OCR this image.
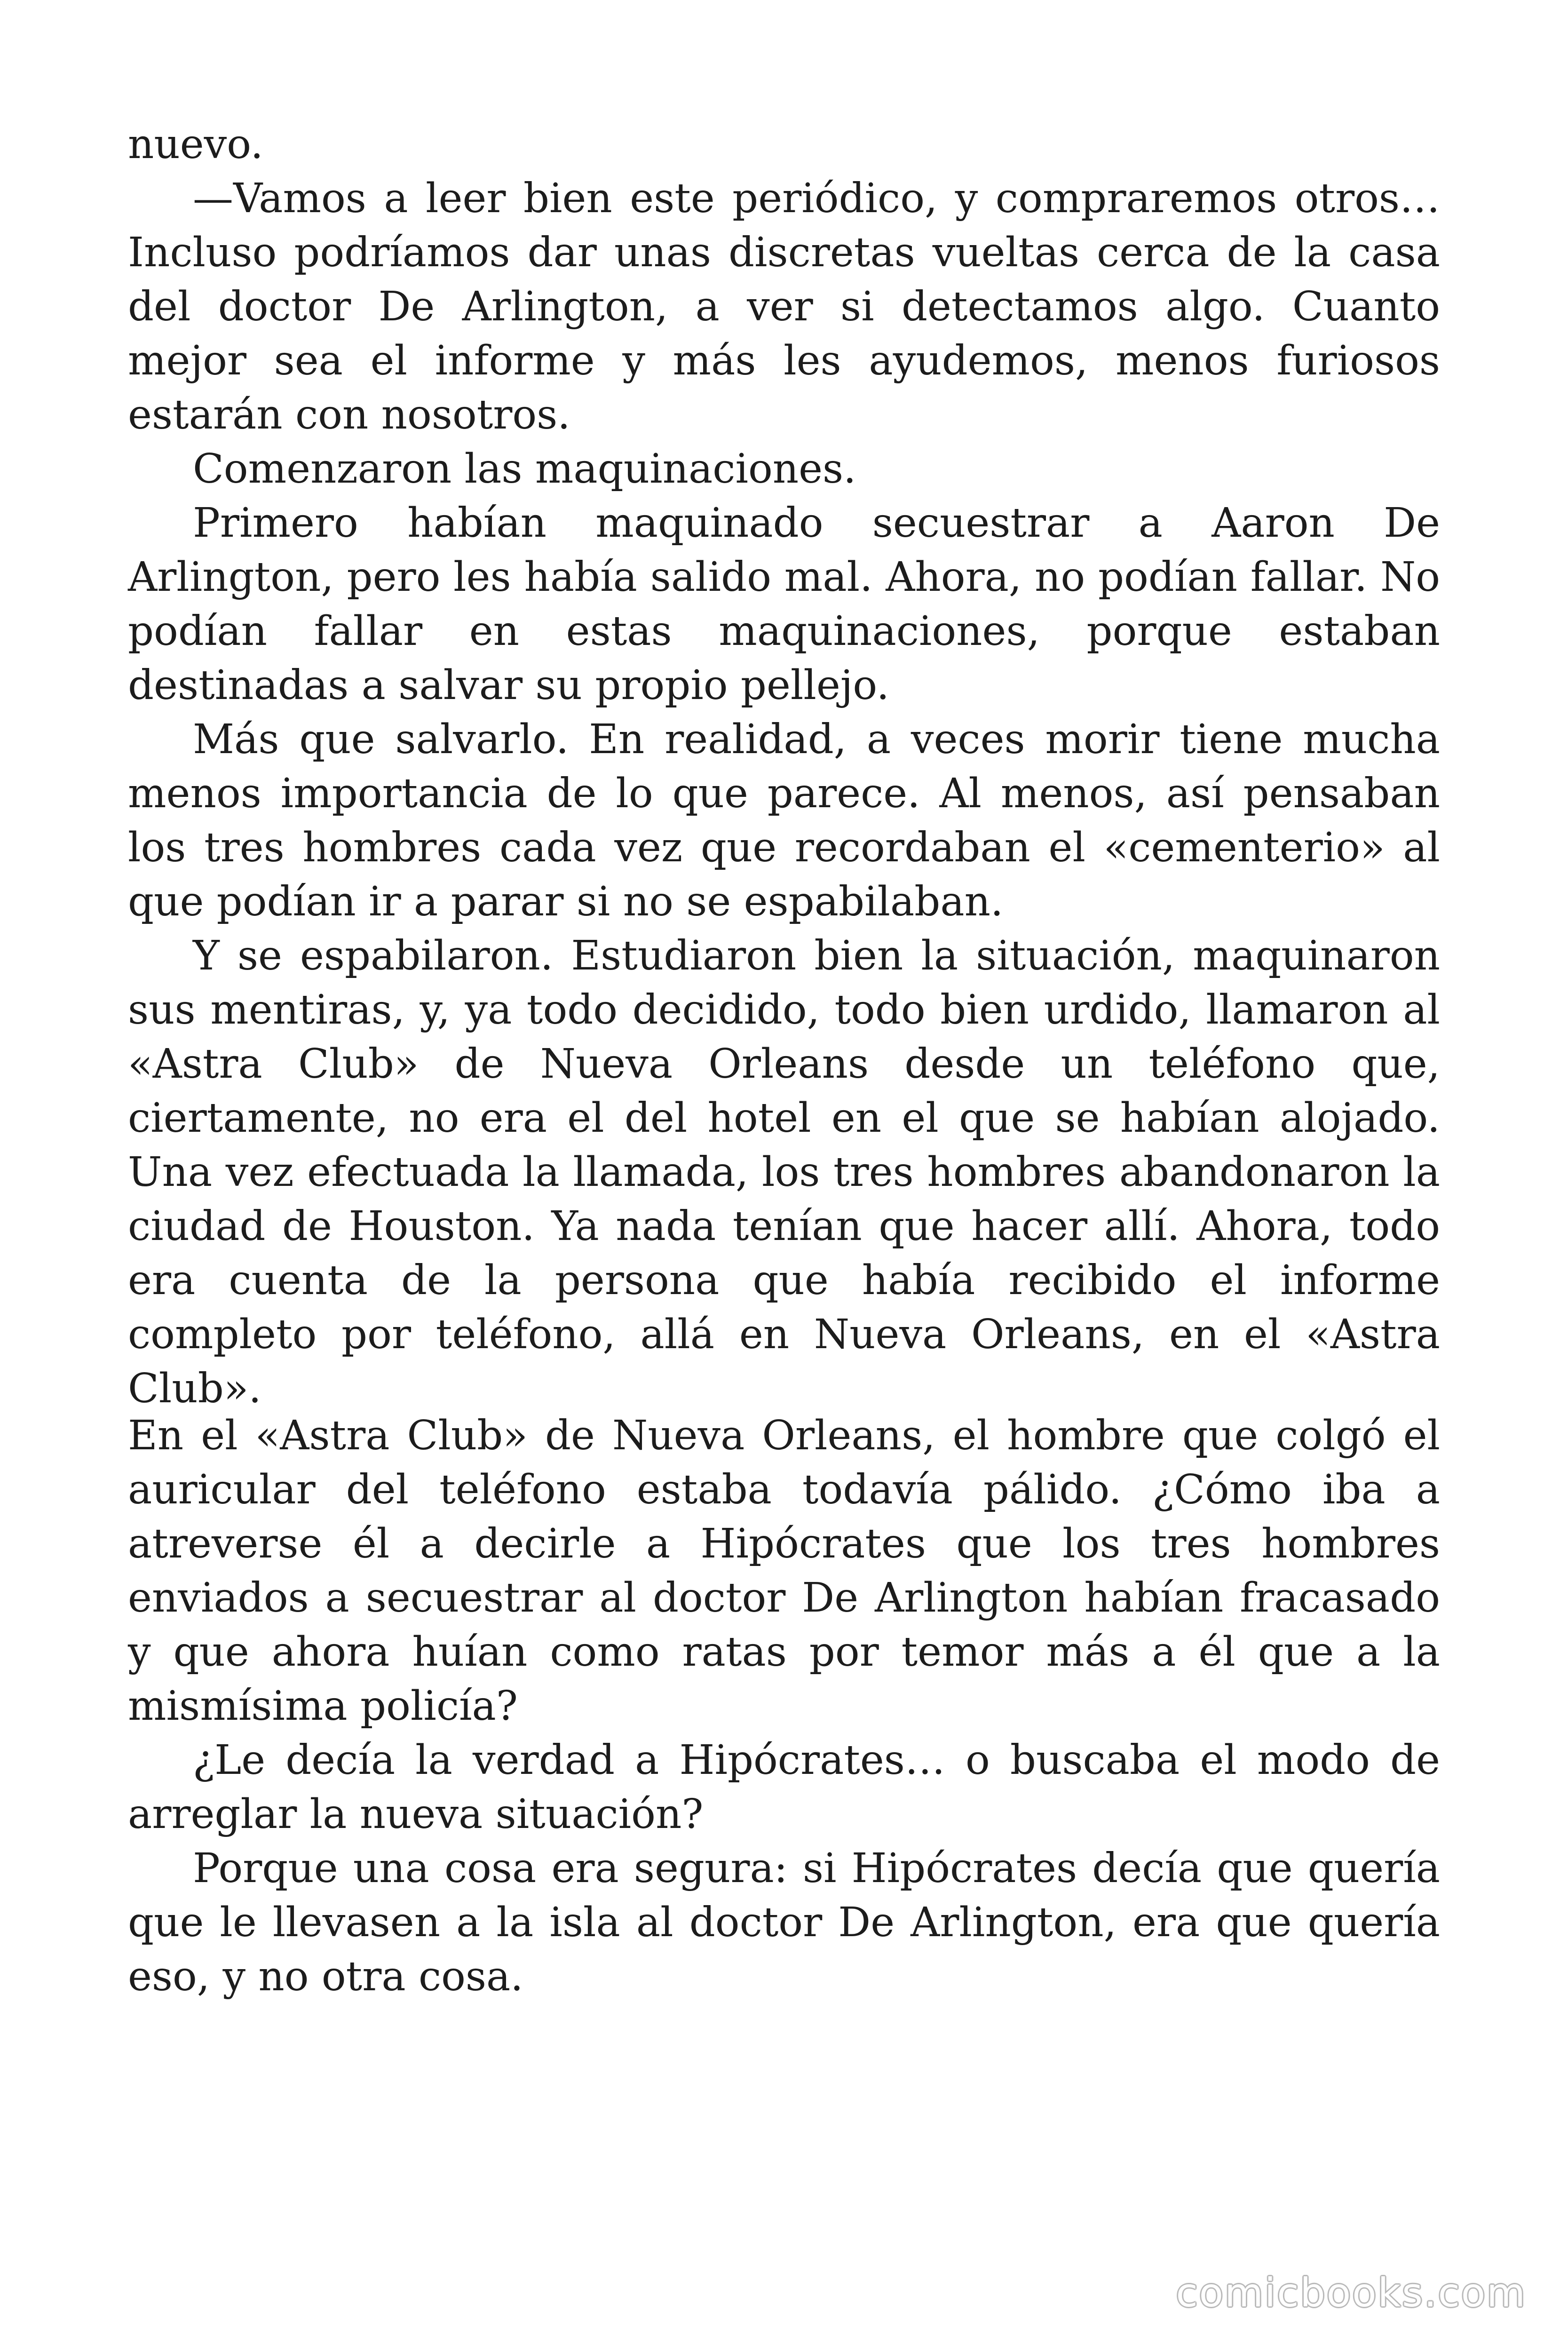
nuevo.

—Vamos a leer bien este periódico, y compraremos otros… Incluso podríamos dar unas discretas vueltas cerca de la casa del doctor De Arlington, a ver si detectamos algo. Cuanto mejor sea el informe y más les ayudemos, menos furiosos estarán con nosotros.

Comenzaron las maquinaciones.

Primero habían maquinado secuestrar a Aaron De Arlington, pero les había salido mal. Ahora, no podían fallar. No podían fallar en estas maquinaciones, porque estaban destinadas a salvar su propio pellejo.

Más que salvarlo. En realidad, a veces morir tiene mucha menos importancia de lo que parece. Al menos, así pensaban los tres hombres cada vez que recordaban el «cementerio» al que podían ir a parar si no se espabilaban.

Y se espabilaron. Estudiaron bien la situación, maquinaron sus mentiras, y, ya todo decidido, todo bien urdido, llamaron al «Astra Club» de Nueva Orleans desde un teléfono que, ciertamente, no era el del hotel en el que se habían alojado. Una vez efectuada la llamada, los tres hombres abandonaron la ciudad de Houston. Ya nada tenían que hacer allí. Ahora, todo era cuenta de la persona que había recibido el informe completo por teléfono, allá en Nueva Orleans, en el «Astra Club».

En el «Astra Club» de Nueva Orleans, el hombre que colgó el auricular del teléfono estaba todavía pálido. ¿Cómo iba a atreverse él a decirle a Hipócrates que los tres hombres enviados a secuestrar al doctor De Arlington habían fracasado y que ahora huían como ratas por temor más a él que a la mismísima policía?

¿Le decía la verdad a Hipócrates… o buscaba el modo de arreglar la nueva situación?

Porque una cosa era segura: si Hipócrates decía que quería que le llevasen a la isla al doctor De Arlington, era que quería eso, y no otra cosa.

comicbooks.com
